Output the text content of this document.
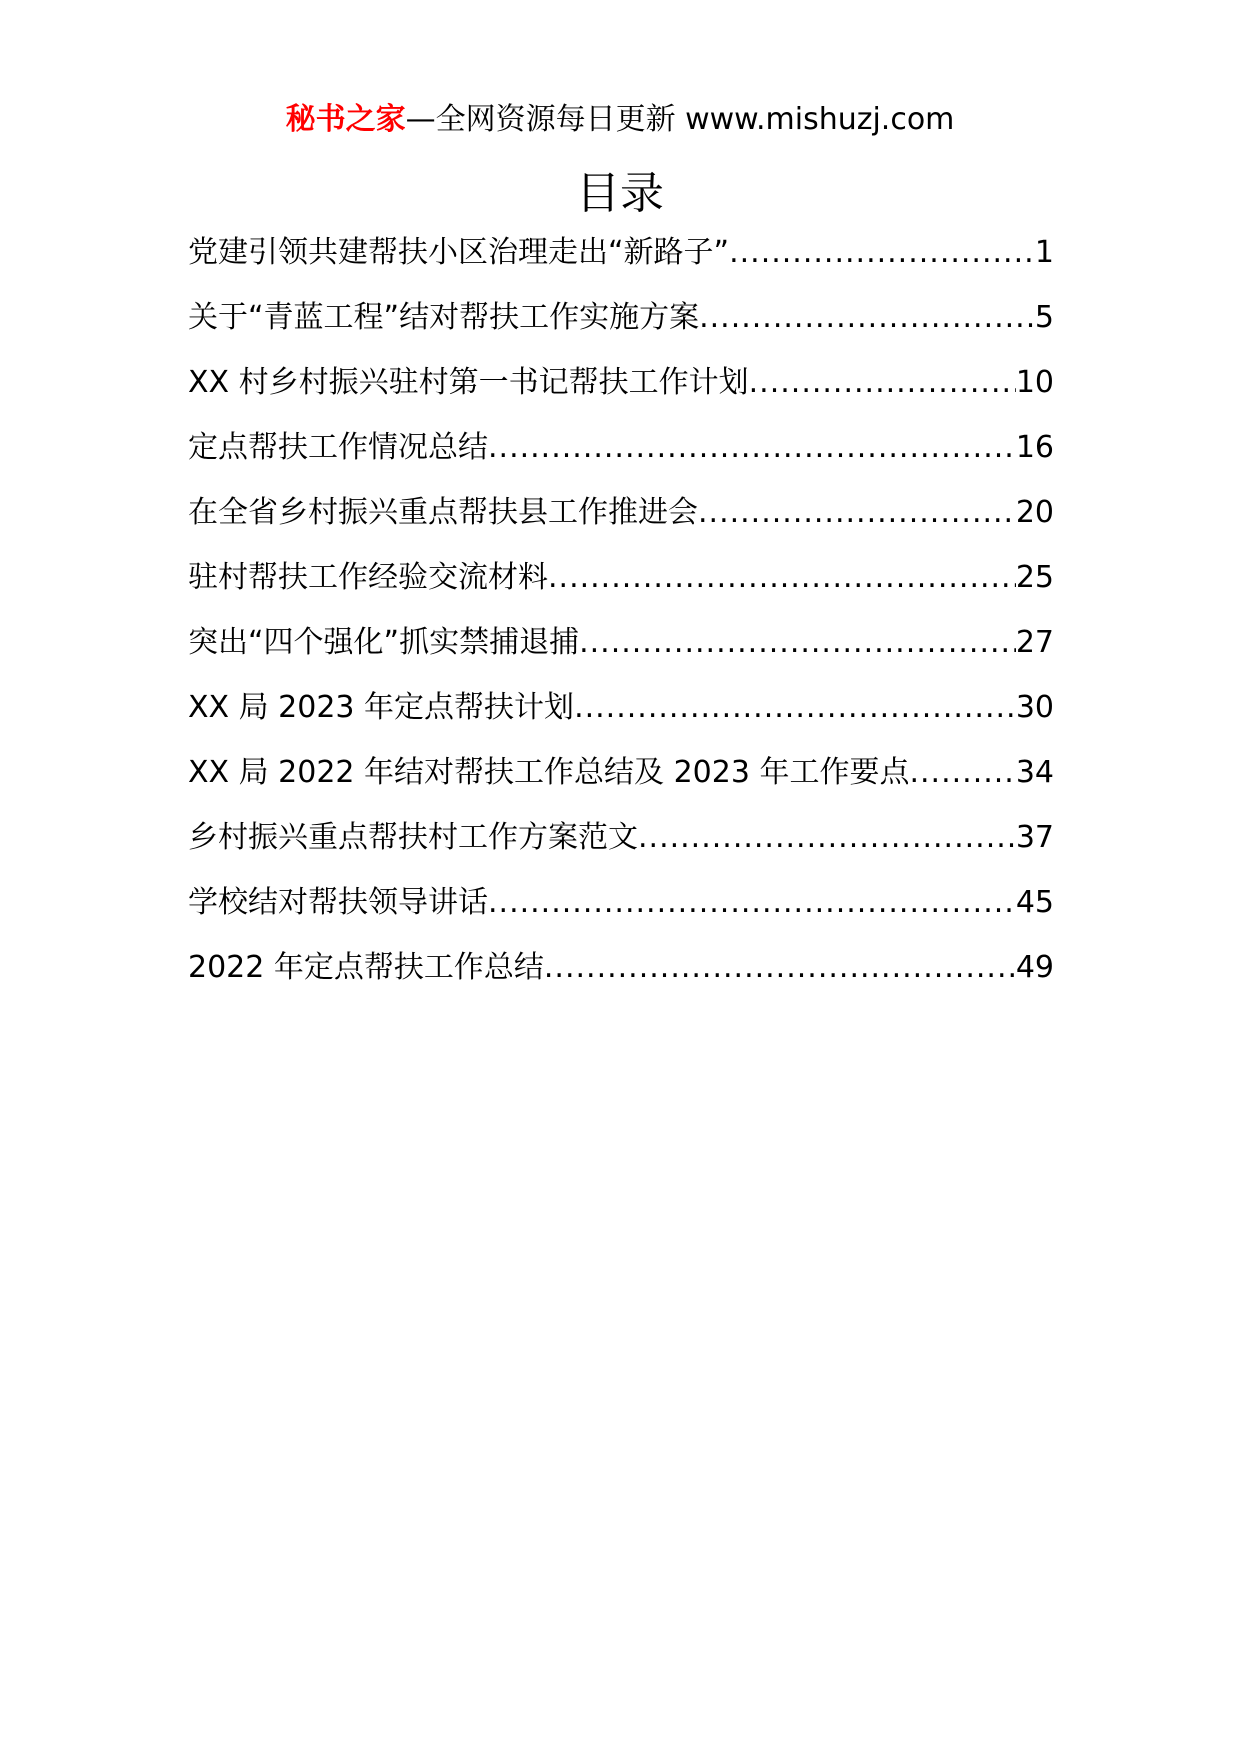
秘书之家—全网资源每日更新 www.mishuzj.com
目录
党建引领共建帮扶小区治理走出“新路子” .....	1
关于“青蓝工程”结对帮扶工作实施方案 .....	5
XX 村乡村振兴驻村第一书记帮扶工作计划 .....	10
定点帮扶工作情况总结 .....	16
在全省乡村振兴重点帮扶县工作推进会 .....	20
驻村帮扶工作经验交流材料 .....	25
突出“四个强化”抓实禁捕退捕 .....	27
XX 局 2023 年定点帮扶计划 .....	30
XX 局 2022 年结对帮扶工作总结及 2023 年工作要点 .....	34
乡村振兴重点帮扶村工作方案范文 .....	37
学校结对帮扶领导讲话 .....	45
2022 年定点帮扶工作总结 .....	49
